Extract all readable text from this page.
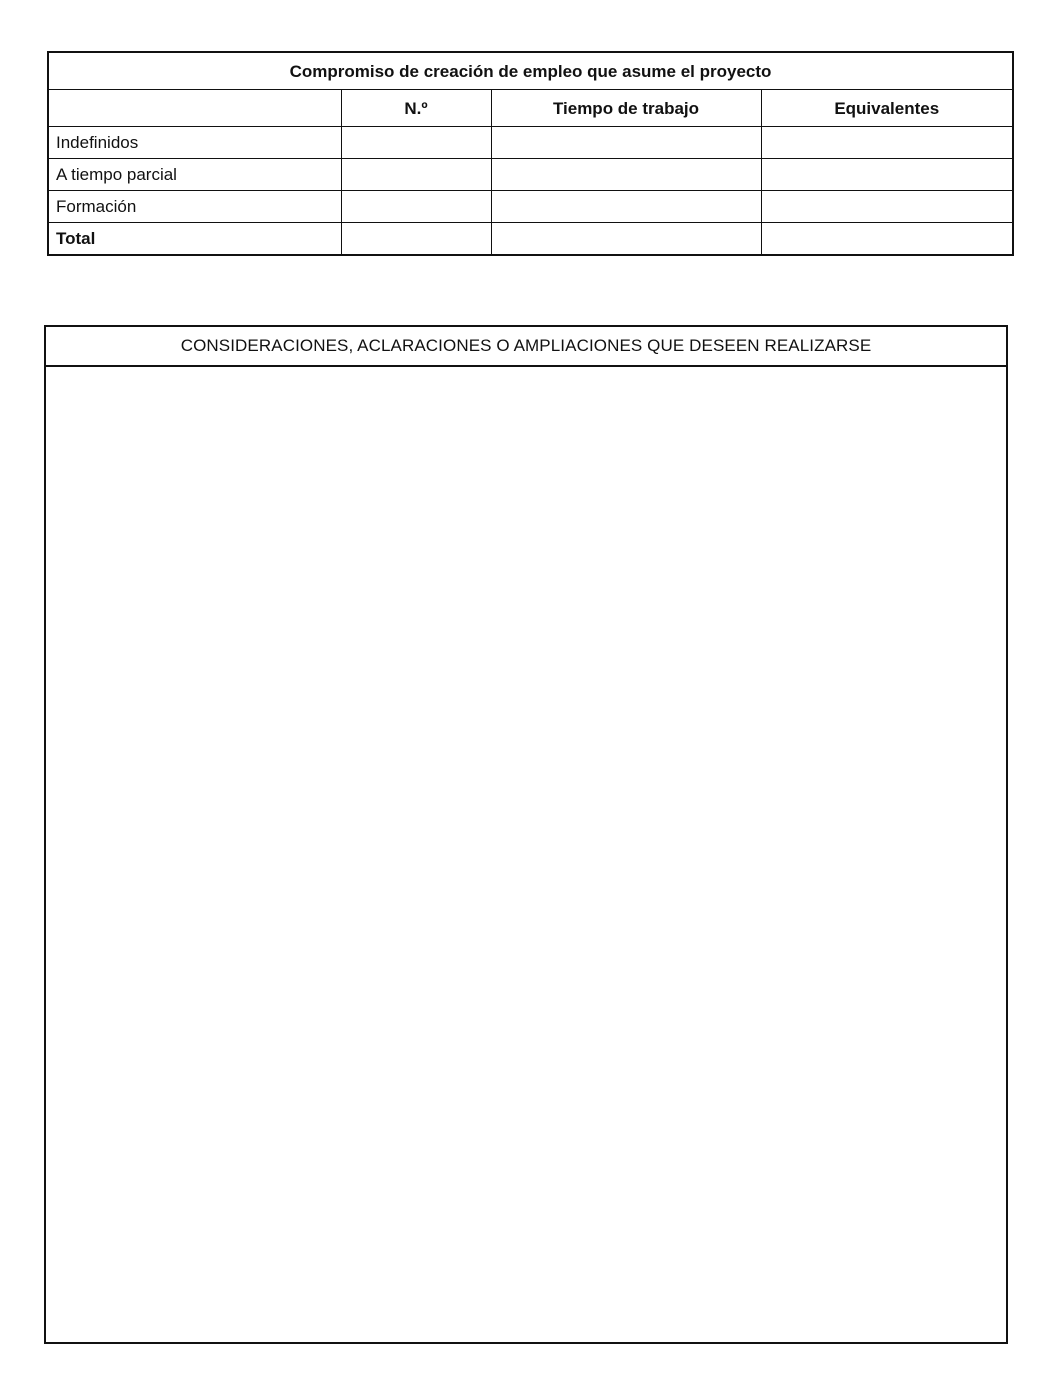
Compromiso de creación de empleo que asume el proyecto			
	N.º	Tiempo de trabajo	Equivalentes
Indefinidos			
A tiempo parcial			
Formación			
Total			
CONSIDERACIONES, ACLARACIONES O AMPLIACIONES QUE DESEEN REALIZARSE
